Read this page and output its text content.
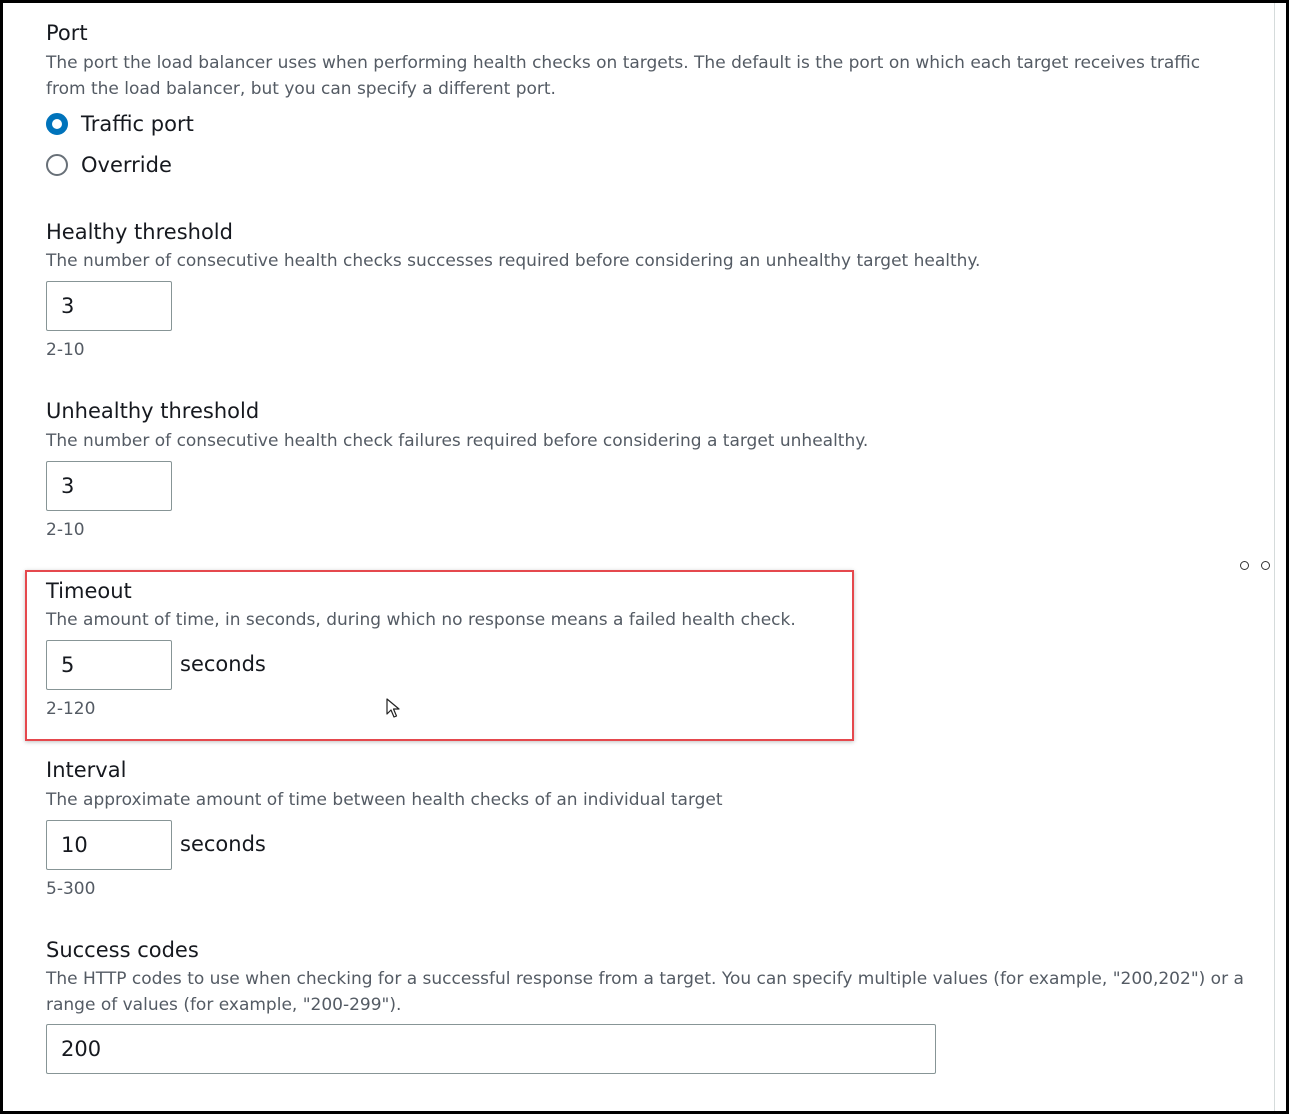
Port
The port the load balancer uses when performing health checks on targets. The default is the port on which each target receives traffic from the load balancer, but you can specify a different port.
Traffic port
Override
Healthy threshold
The number of consecutive health checks successes required before considering an unhealthy target healthy.
3
2-10
Unhealthy threshold
The number of consecutive health check failures required before considering a target unhealthy.
3
2-10
Timeout
The amount of time, in seconds, during which no response means a failed health check.
5	seconds
2-120
Interval
The approximate amount of time between health checks of an individual target
10	seconds
5-300
Success codes
The HTTP codes to use when checking for a successful response from a target. You can specify multiple values (for example, "200,202") or a range of values (for example, "200-299").
200
